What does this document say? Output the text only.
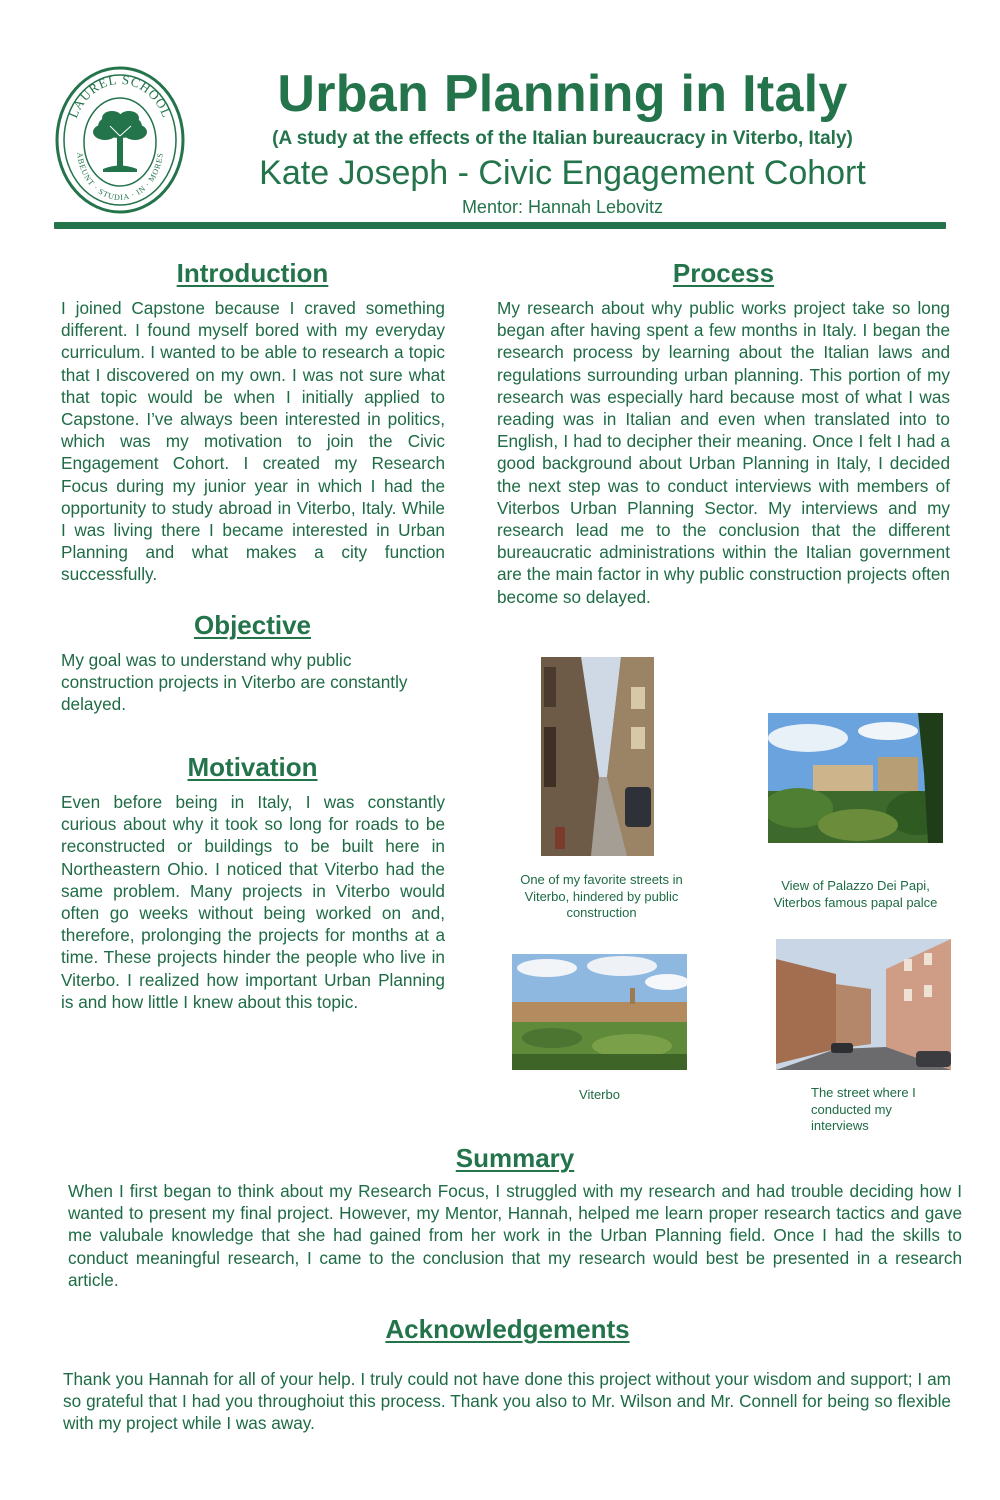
LAUREL SCHOOL
ABEUNT · STUDIA · IN · MORES
Urban Planning in Italy
(A study at the effects of the Italian bureaucracy in Viterbo, Italy)
Kate Joseph - Civic Engagement Cohort
Mentor: Hannah Lebovitz
Introduction
I joined Capstone because I craved something different. I found myself bored with my everyday curriculum. I wanted to be able to research a topic that I discovered on my own. I was not sure what that topic would be when I initially applied to Capstone. I’ve always been interested in politics, which was my motivation to join the Civic Engagement Cohort. I created my Research Focus during my junior year in which I had the opportunity to study abroad in Viterbo, Italy. While I was living there I became interested in Urban Planning and what makes a city function successfully.
Objective
My goal was to understand why public construction projects in Viterbo are constantly delayed.
Motivation
Even before being in Italy, I was constantly curious about why it took so long for roads to be reconstructed or buildings to be built here in Northeastern Ohio. I noticed that Viterbo had the same problem. Many projects in Viterbo would often go weeks without being worked on and, therefore, prolonging the projects for months at a time. These projects hinder the people who live in Viterbo. I realized how important Urban Planning is and how little I knew about this topic.
Process
My research about why public works project take so long began after having spent a few months in Italy. I began the research process by learning about the Italian laws and regulations surrounding urban planning. This portion of my research was especially hard because most of what I was reading was in Italian and even when translated into to English, I had to decipher their meaning. Once I felt I had a good background about Urban Planning in Italy, I decided the next step was to conduct interviews with members of Viterbos Urban Planning Sector. My interviews and my research lead me to the conclusion that the different bureaucratic administrations within the Italian government are the main factor in why public construction projects often become so delayed.
One of my favorite streets in Viterbo, hindered by public construction
View of Palazzo Dei Papi, Viterbos famous papal palce
Viterbo	The street where I conducted my interviews
Summary
When I first began to think about my Research Focus, I struggled with my research and had trouble deciding how I wanted to present my final project. However, my Mentor, Hannah, helped me learn proper research tactics and gave me valubale knowledge that she had gained from her work in the Urban Planning field. Once I had the skills to conduct meaningful research, I came to the conclusion that my research would best be presented in a research article.
Acknowledgements
Thank you Hannah for all of your help. I truly could not have done this project without your wisdom and support; I am so grateful that I had you throughoiut this process. Thank you also to Mr. Wilson and Mr. Connell for being so flexible with my project while I was away.
